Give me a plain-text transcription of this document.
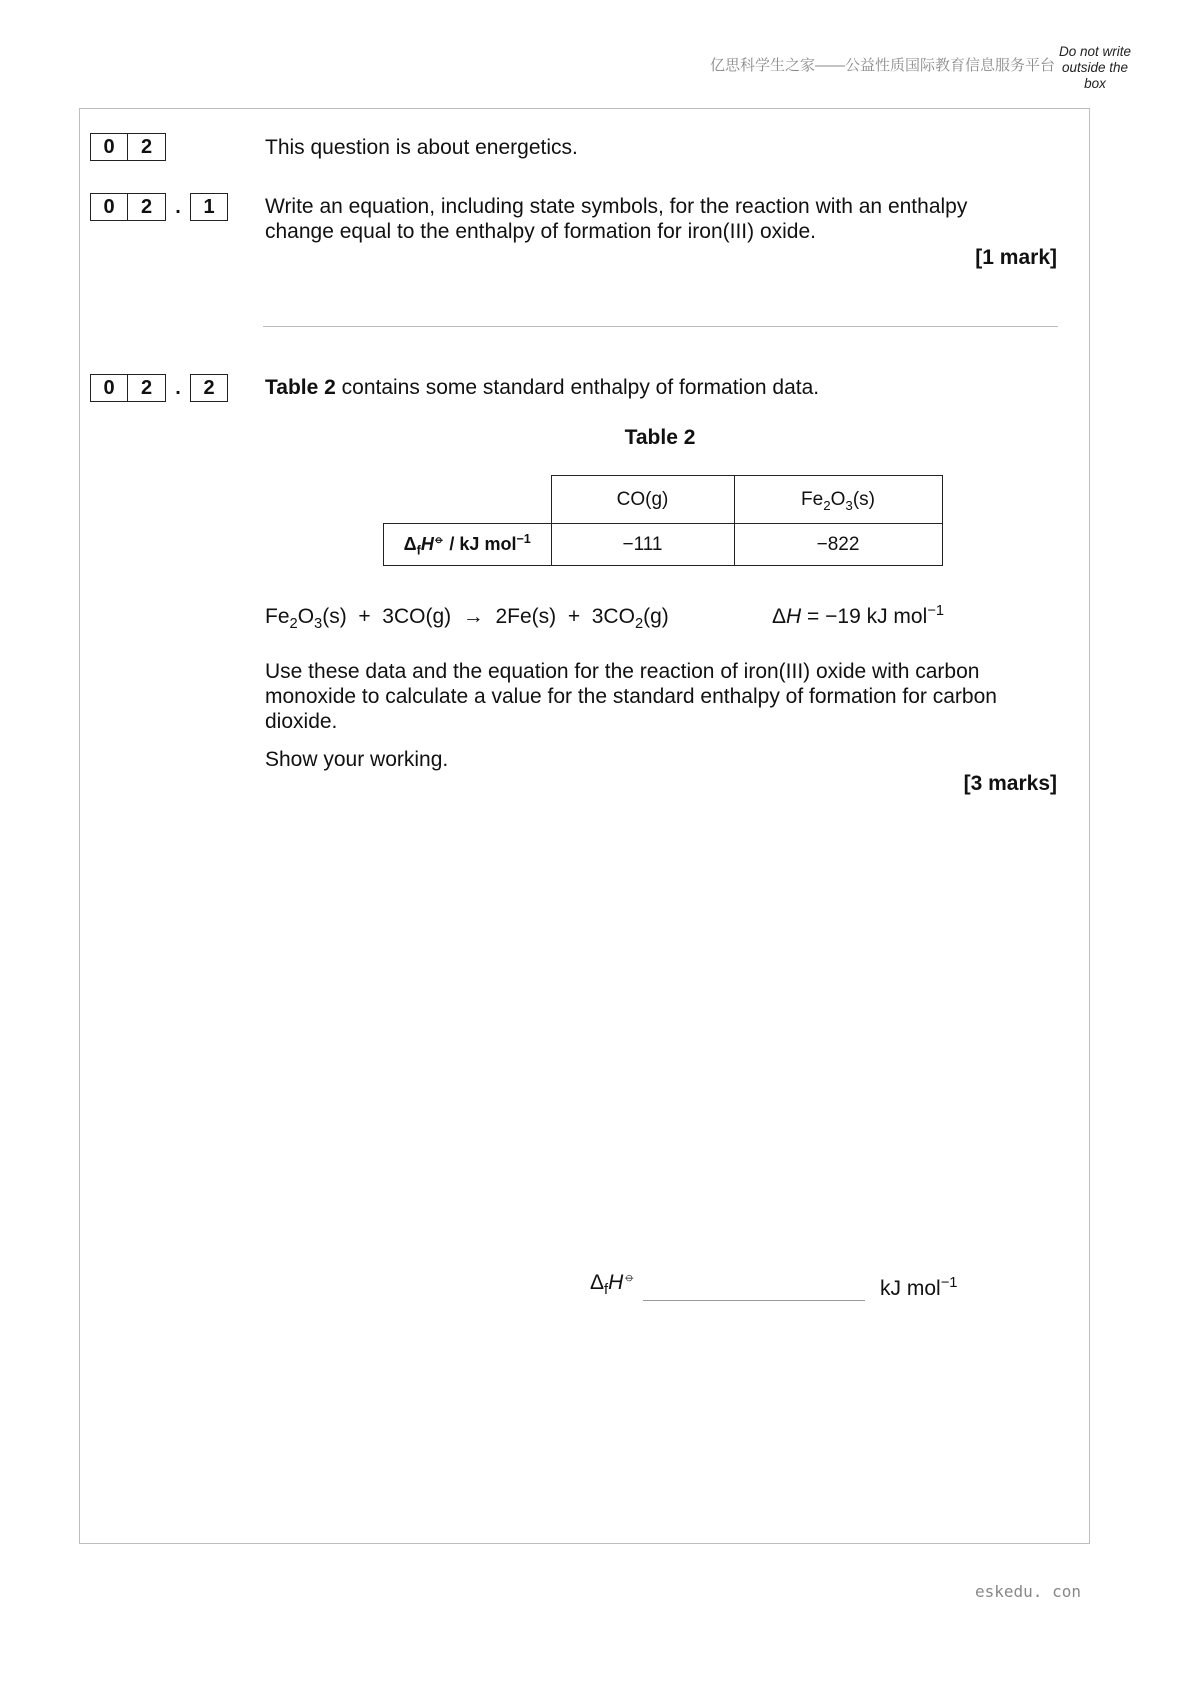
亿思科学生之家——公益性质国际教育信息服务平台
Do not write
outside the
box
0	2	This question is about energetics.
0	2	.	1	Write an equation, including state symbols, for the reaction with an enthalpy
change equal to the enthalpy of formation for iron(III) oxide.
[1 mark]
0	2	.	2	Table 2 contains some standard enthalpy of formation data.
Table 2
	CO(g)	$Fe_2O_3(s)$
$\Delta_fH^⦵$ / kJ mol$^{-1}$	−111	−822
$Fe_2O_3(s) + 3CO(g) \to 2Fe(s) + 3CO_2(g)$	ΔH = −19 kJ mol$^{-1}$
Use these data and the equation for the reaction of iron(III) oxide with carbon
monoxide to calculate a value for the standard enthalpy of formation for carbon
dioxide.
Show your working.
[3 marks]
$\Delta_fH^⦵$	kJ mol$^{-1}$
eskedu. con
